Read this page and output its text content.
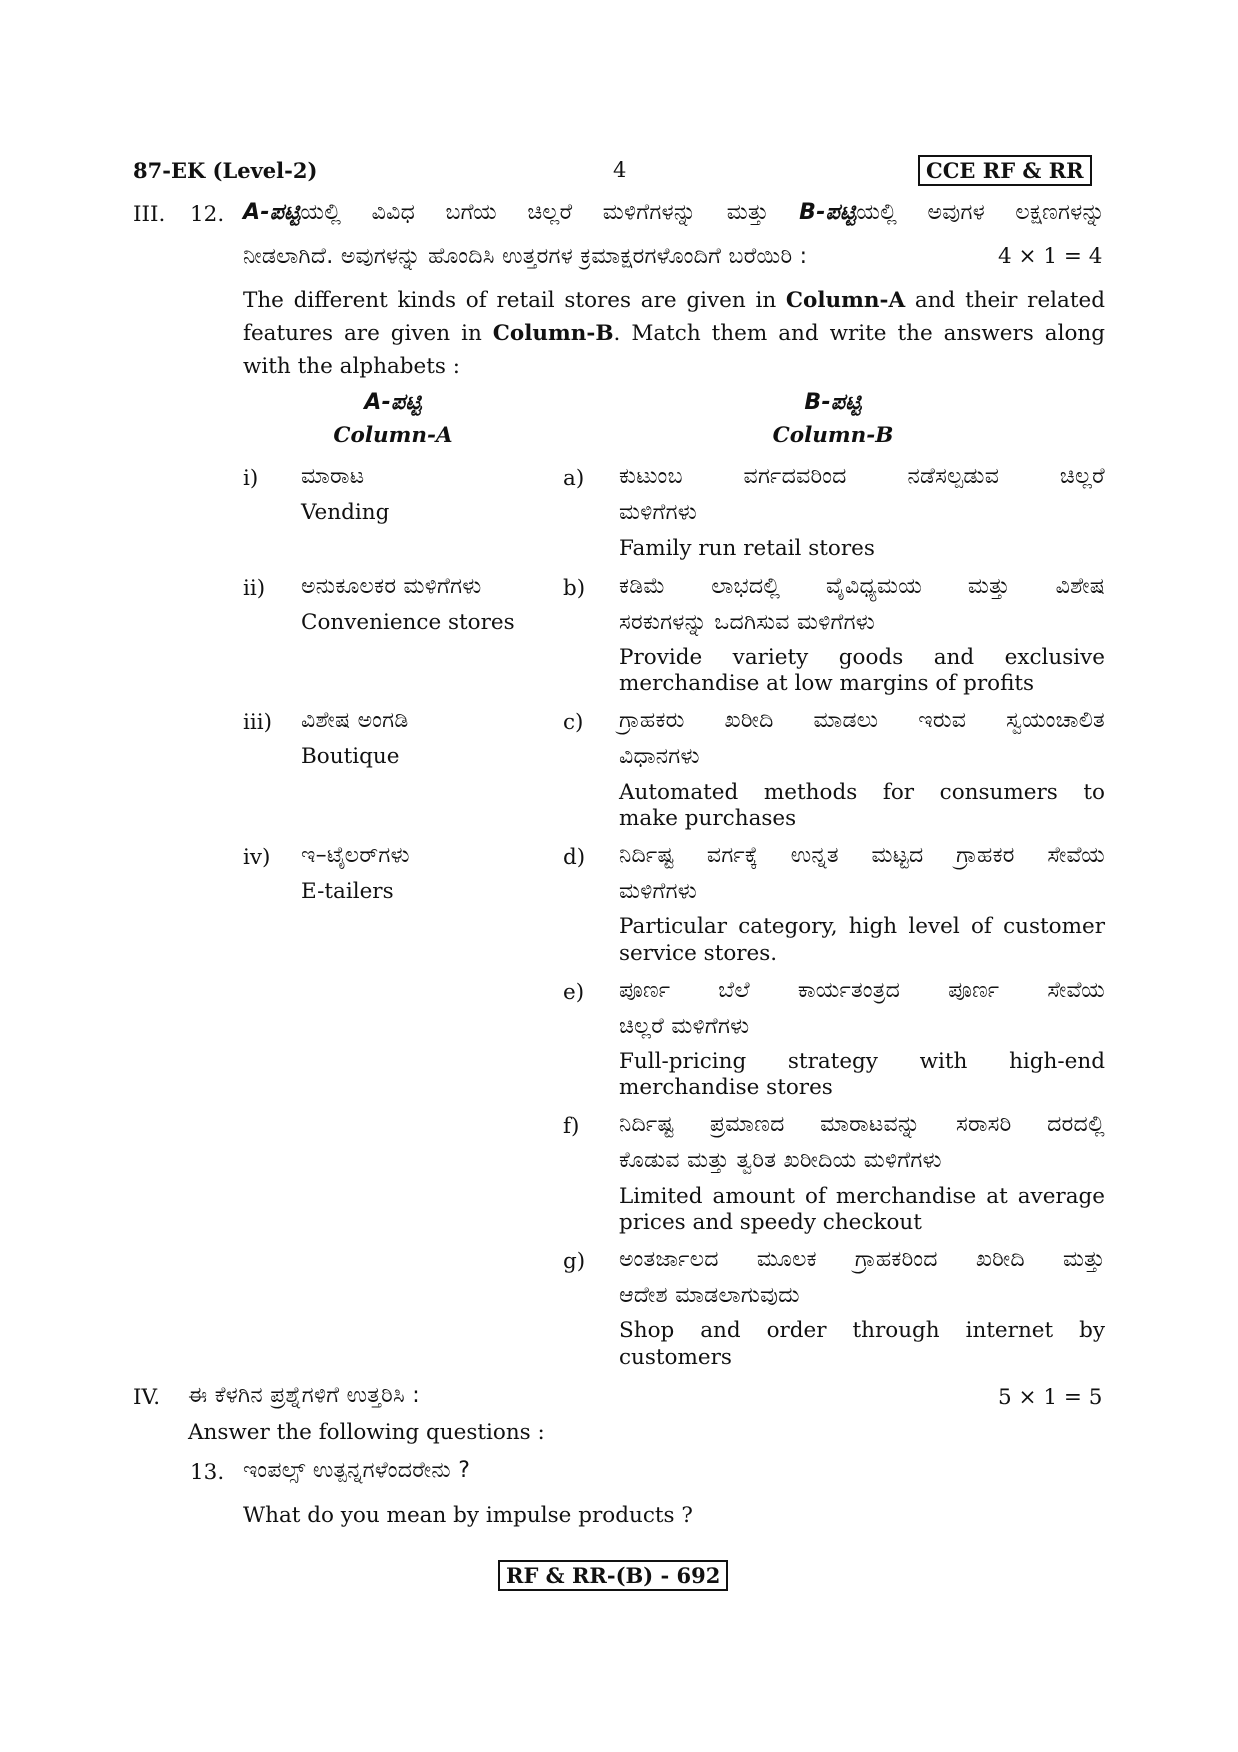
87-EK (Level-2)	4	CCE RF & RR
III. 12. A-ಪಟ್ಟಿಯಲ್ಲಿ ವಿವಿಧ ಬಗೆಯ ಚಿಲ್ಲರೆ ಮಳಿಗೆಗಳನ್ನು ಮತ್ತು B-ಪಟ್ಟಿಯಲ್ಲಿ ಅವುಗಳ ಲಕ್ಷಣಗಳನ್ನು
ನೀಡಲಾಗಿದೆ. ಅವುಗಳನ್ನು ಹೊಂದಿಸಿ ಉತ್ತರಗಳ ಕ್ರಮಾಕ್ಷರಗಳೊಂದಿಗೆ ಬರೆಯಿರಿ :	4 × 1 = 4
The different kinds of retail stores are given in Column-A and their related
features are given in Column-B. Match them and write the answers along
with the alphabets :
A-ಪಟ್ಟಿ
Column-A
B-ಪಟ್ಟಿ
Column-B
i) ಮಾರಾಟ
Vending
ii) ಅನುಕೂಲಕರ ಮಳಿಗೆಗಳು
Convenience stores
iii) ವಿಶೇಷ ಅಂಗಡಿ
Boutique
iv) ಇ–ಟೈಲರ್‌ಗಳು
E-tailers
a) ಕುಟುಂಬ ವರ್ಗದವರಿಂದ ನಡೆಸಲ್ಪಡುವ ಚಿಲ್ಲರೆ
ಮಳಿಗೆಗಳು
Family run retail stores
b) ಕಡಿಮೆ ಲಾಭದಲ್ಲಿ ವೈವಿಧ್ಯಮಯ ಮತ್ತು ವಿಶೇಷ
ಸರಕುಗಳನ್ನು ಒದಗಿಸುವ ಮಳಿಗೆಗಳು
Provide variety goods and exclusive
merchandise at low margins of profits
c) ಗ್ರಾಹಕರು ಖರೀದಿ ಮಾಡಲು ಇರುವ ಸ್ವಯಂಚಾಲಿತ
ವಿಧಾನಗಳು
Automated methods for consumers to
make purchases
d) ನಿರ್ದಿಷ್ಟ ವರ್ಗಕ್ಕೆ ಉನ್ನತ ಮಟ್ಟದ ಗ್ರಾಹಕರ ಸೇವೆಯ
ಮಳಿಗೆಗಳು
Particular category, high level of customer
service stores.
e) ಪೂರ್ಣ ಬೆಲೆ ಕಾರ್ಯತಂತ್ರದ ಪೂರ್ಣ ಸೇವೆಯ
ಚಿಲ್ಲರೆ ಮಳಿಗೆಗಳು
Full-pricing strategy with high-end
merchandise stores
f) ನಿರ್ದಿಷ್ಟ ಪ್ರಮಾಣದ ಮಾರಾಟವನ್ನು ಸರಾಸರಿ ದರದಲ್ಲಿ
ಕೊಡುವ ಮತ್ತು ತ್ವರಿತ ಖರೀದಿಯ ಮಳಿಗೆಗಳು
Limited amount of merchandise at average
prices and speedy checkout
g) ಅಂತರ್ಜಾಲದ ಮೂಲಕ ಗ್ರಾಹಕರಿಂದ ಖರೀದಿ ಮತ್ತು
ಆದೇಶ ಮಾಡಲಾಗುವುದು
Shop and order through internet by
customers
IV. ಈ ಕೆಳಗಿನ ಪ್ರಶ್ನೆಗಳಿಗೆ ಉತ್ತರಿಸಿ :	5 × 1 = 5
Answer the following questions :
13. ಇಂಪಲ್ಸ್ ಉತ್ಪನ್ನಗಳೆಂದರೇನು ?
What do you mean by impulse products ?
RF & RR-(B) - 692
